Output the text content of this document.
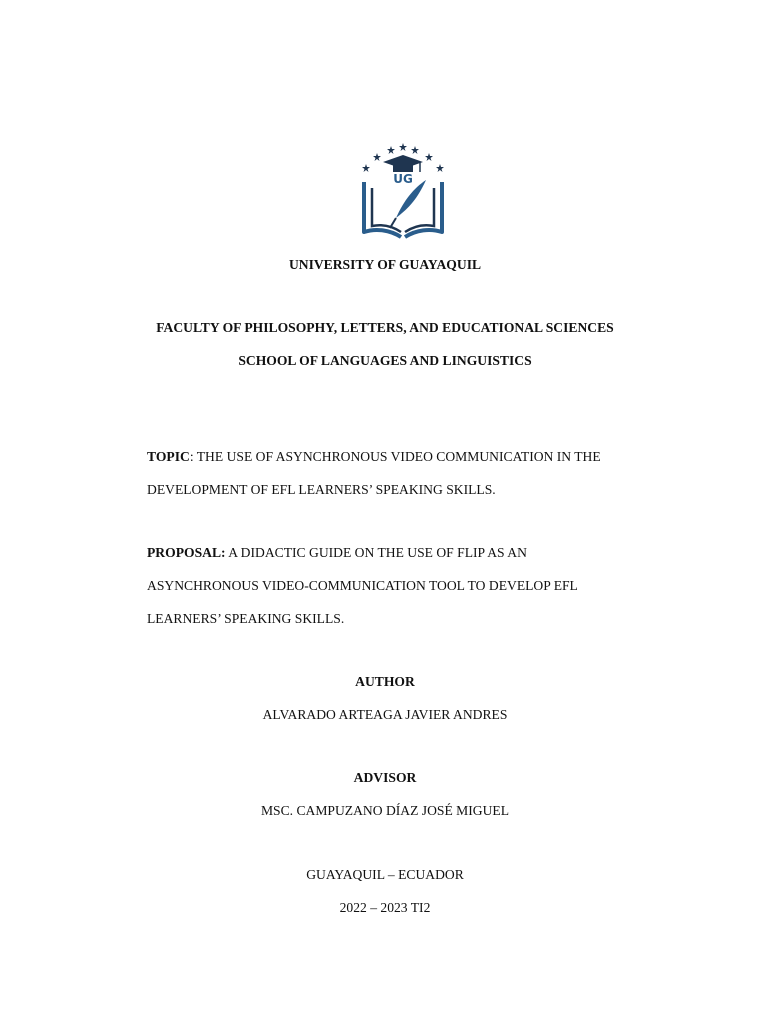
UG
UNIVERSITY OF GUAYAQUIL
FACULTY OF PHILOSOPHY, LETTERS, AND EDUCATIONAL SCIENCES
SCHOOL OF LANGUAGES AND LINGUISTICS
TOPIC: THE USE OF ASYNCHRONOUS VIDEO COMMUNICATION IN THE
DEVELOPMENT OF EFL LEARNERS’ SPEAKING SKILLS.
PROPOSAL: A DIDACTIC GUIDE ON THE USE OF FLIP AS AN
ASYNCHRONOUS VIDEO-COMMUNICATION TOOL TO DEVELOP EFL
LEARNERS’ SPEAKING SKILLS.
AUTHOR
ALVARADO ARTEAGA JAVIER ANDRES
ADVISOR
MSC. CAMPUZANO DÍAZ JOSÉ MIGUEL
GUAYAQUIL – ECUADOR
2022 – 2023 TI2
